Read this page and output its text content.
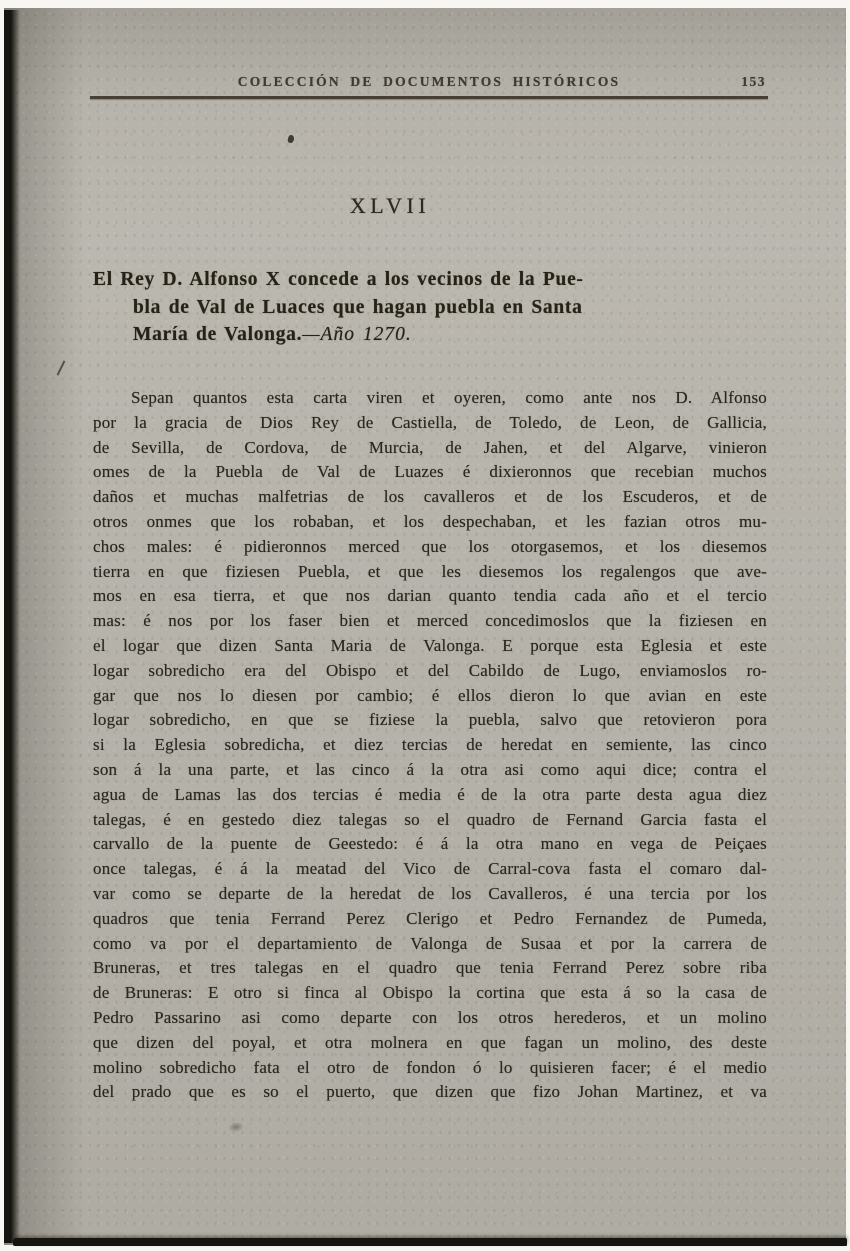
COLECCIÓN DE DOCUMENTOS HISTÓRICOS	153
XLVII
El Rey D. Alfonso X concede a los vecinos de la Pue-
bla de Val de Luaces que hagan puebla en Santa
María de Valonga.—Año 1270.
Sepan quantos esta carta viren et oyeren, como ante nos D. Alfonso
por la gracia de Dios Rey de Castiella, de Toledo, de Leon, de Gallicia,
de Sevilla, de Cordova, de Murcia, de Jahen, et del Algarve, vinieron
omes de la Puebla de Val de Luazes é dixieronnos que recebian muchos
daños et muchas malfetrias de los cavalleros et de los Escuderos, et de
otros onmes que los robaban, et los despechaban, et les fazian otros mu-
chos males: é pidieronnos merced que los otorgasemos, et los diesemos
tierra en que fiziesen Puebla, et que les diesemos los regalengos que ave-
mos en esa tierra, et que nos darian quanto tendia cada año et el tercio
mas: é nos por los faser bien et merced concedimoslos que la fiziesen en
el logar que dizen Santa Maria de Valonga. E porque esta Eglesia et este
logar sobredicho era del Obispo et del Cabildo de Lugo, enviamoslos ro-
gar que nos lo diesen por cambio; é ellos dieron lo que avian en este
logar sobredicho, en que se fiziese la puebla, salvo que retovieron pora
si la Eglesia sobredicha, et diez tercias de heredat en semiente, las cinco
son á la una parte, et las cinco á la otra asi como aqui dice; contra el
agua de Lamas las dos tercias é media é de la otra parte desta agua diez
talegas, é en gestedo diez talegas so el quadro de Fernand Garcia fasta el
carvallo de la puente de Geestedo: é á la otra mano en vega de Peiçaes
once talegas, é á la meatad del Vico de Carral-cova fasta el comaro dal-
var como se departe de la heredat de los Cavalleros, é una tercia por los
quadros que tenia Ferrand Perez Clerigo et Pedro Fernandez de Pumeda,
como va por el departamiento de Valonga de Susaa et por la carrera de
Bruneras, et tres talegas en el quadro que tenia Ferrand Perez sobre riba
de Bruneras: E otro si finca al Obispo la cortina que esta á so la casa de
Pedro Passarino asi como departe con los otros herederos, et un molino
que dizen del poyal, et otra molnera en que fagan un molino, des deste
molino sobredicho fata el otro de fondon ó lo quisieren facer; é el medio
del prado que es so el puerto, que dizen que fizo Johan Martinez, et va
